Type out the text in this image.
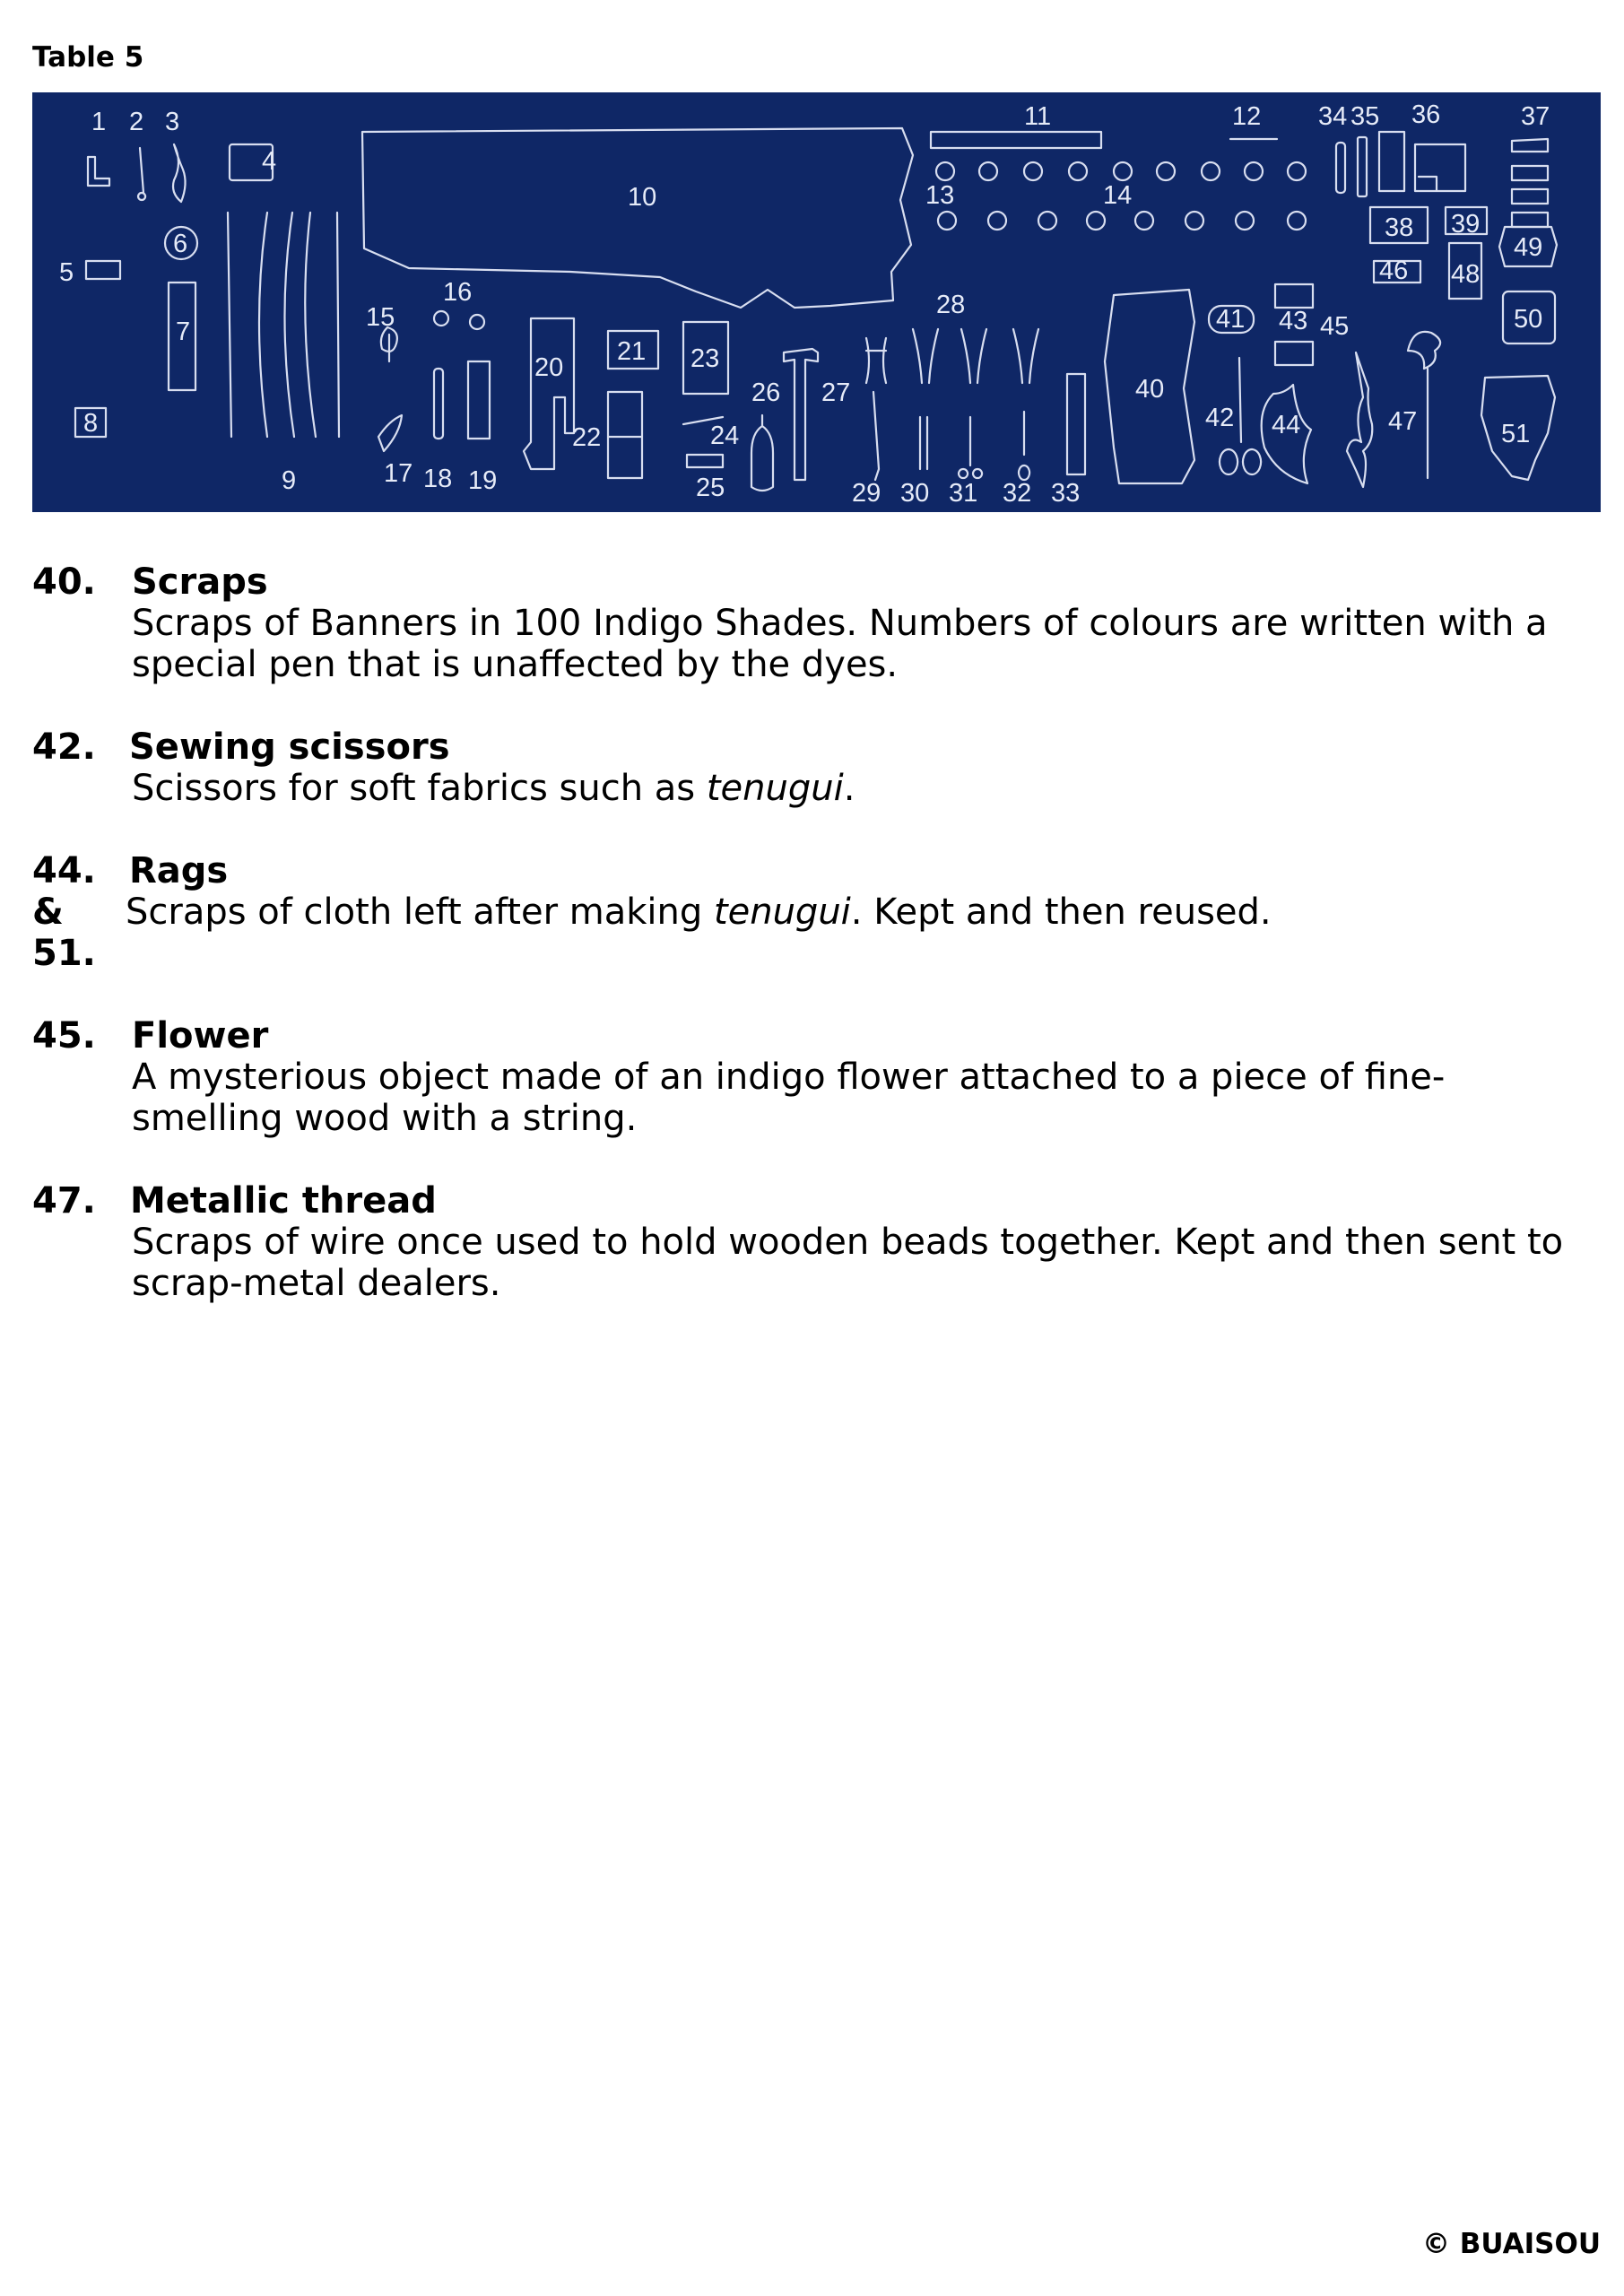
Table 5
1 2 3
4
5
6
7
8
9
10
11	12
13	14
15
16
17 18 19
20
21
22
23
24
25
26 27
28
29 30 31 32 33
34 35 36	37
38 39
40
41
42
43
44
45
46
47
48
49
50
51
40. Scraps
Scraps of Banners in 100 Indigo Shades. Numbers of colours are written with a special pen that is unaffected by the dyes.
42. Sewing scissors
Scissors for soft fabrics such as tenugui.
44.
&
51.
Rags
Scraps of cloth left after making tenugui. Kept and then reused.
45. Flower
A mysterious object made of an indigo flower attached to a piece of fine-smelling wood with a string.
47. Metallic thread
Scraps of wire once used to hold wooden beads together. Kept and then sent to scrap-metal dealers.
© BUAISOU
